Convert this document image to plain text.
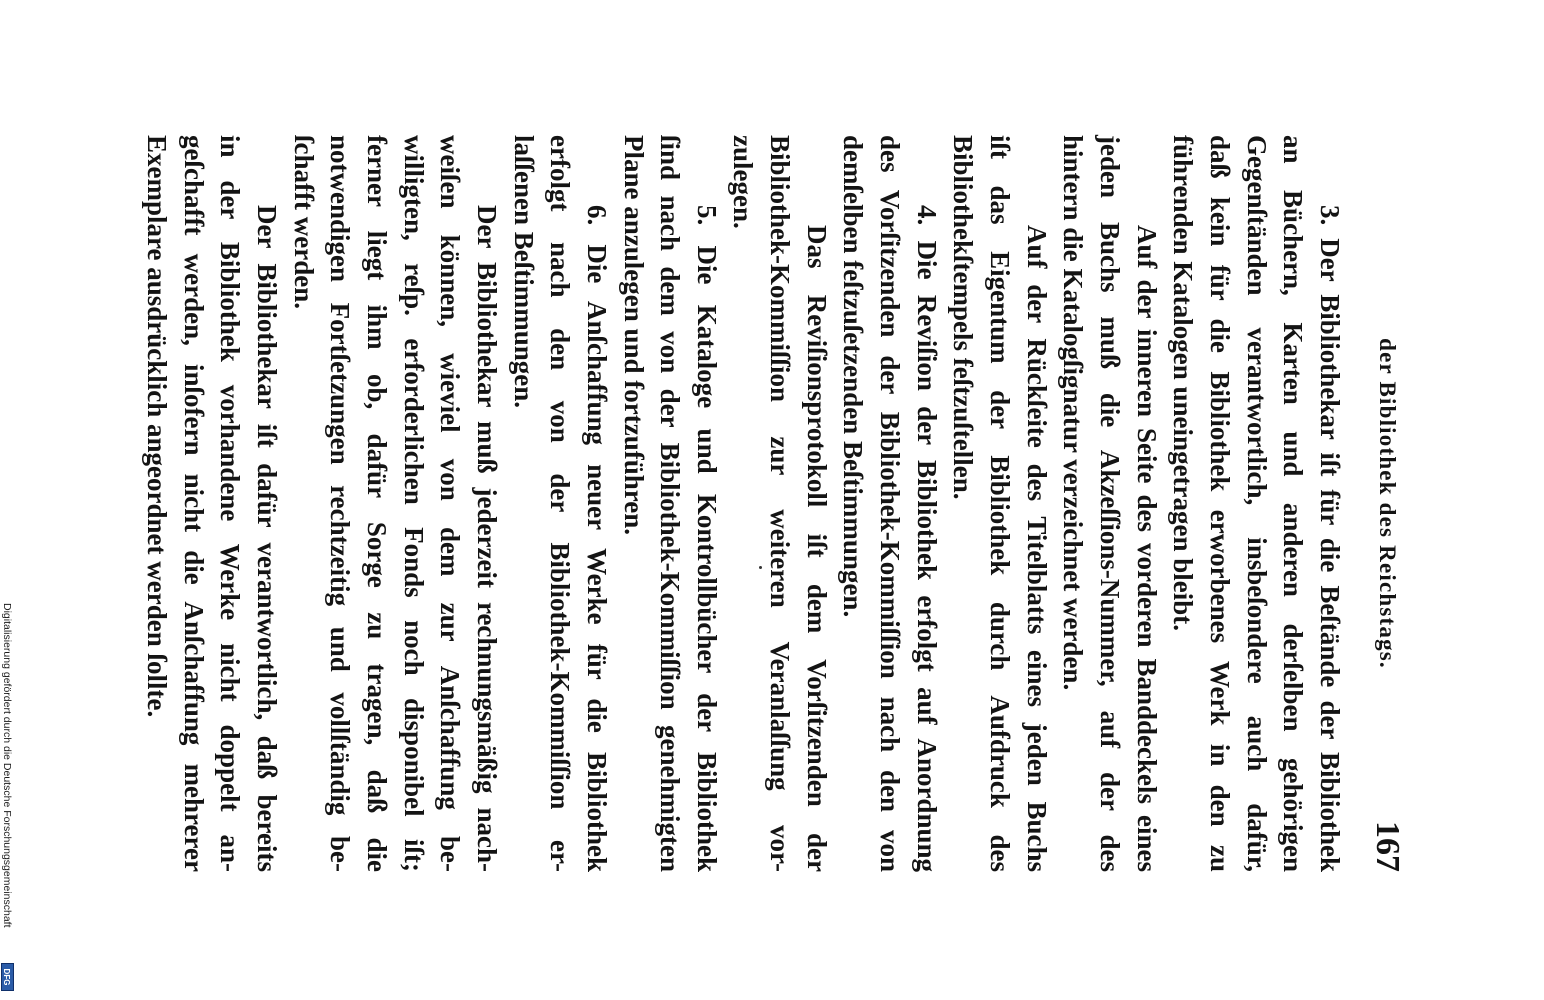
der Bibliothek des Reichstags.
167
3. Der Bibliothekar iſt für die Beſtände der Bibliothek
an Büchern, Karten und anderen derſelben gehörigen
Gegenſtänden verantwortlich, insbeſondere auch dafür,
daß kein für die Bibliothek erworbenes Werk in den zu
führenden Katalogen uneingetragen bleibt.
Auf der inneren Seite des vorderen Banddeckels eines
jeden Buchs muß die Akzeſſions-Nummer, auf der des
hintern die Katalogſignatur verzeichnet werden.
Auf der Rückſeite des Titelblatts eines jeden Buchs
iſt das Eigentum der Bibliothek durch Aufdruck des
Bibliothekſtempels feſtzuſtellen.
4. Die Reviſion der Bibliothek erfolgt auf Anordnung
des Vorſitzenden der Bibliothek-Kommiſſion nach den von
demſelben feſtzuſetzenden Beſtimmungen.
Das Reviſionsprotokoll iſt dem Vorſitzenden der
Bibliothek-Kommiſſion zur weiteren Veranlaſſung vor-
zulegen.
5. Die Kataloge und Kontrollbücher der Bibliothek
ſind nach dem von der Bibliothek-Kommiſſion genehmigten
Plane anzulegen und fortzuführen.
6. Die Anſchaffung neuer Werke für die Bibliothek
erfolgt nach den von der Bibliothek-Kommiſſion er-
laſſenen Beſtimmungen.
Der Bibliothekar muß jederzeit rechnungsmäßig nach-
weiſen können, wieviel von dem zur Anſchaffung be-
willigten, reſp. erforderlichen Fonds noch disponibel iſt;
ferner liegt ihm ob, dafür Sorge zu tragen, daß die
notwendigen Fortſetzungen rechtzeitig und vollſtändig be-
ſchafft werden.
Der Bibliothekar iſt dafür verantwortlich, daß bereits
in der Bibliothek vorhandene Werke nicht doppelt an-
geſchafft werden, inſofern nicht die Anſchaffung mehrerer
Exemplare ausdrücklich angeordnet werden ſollte.
Digitalisierung gefördert durch die Deutsche Forschungsgemeinschaft
DFG
